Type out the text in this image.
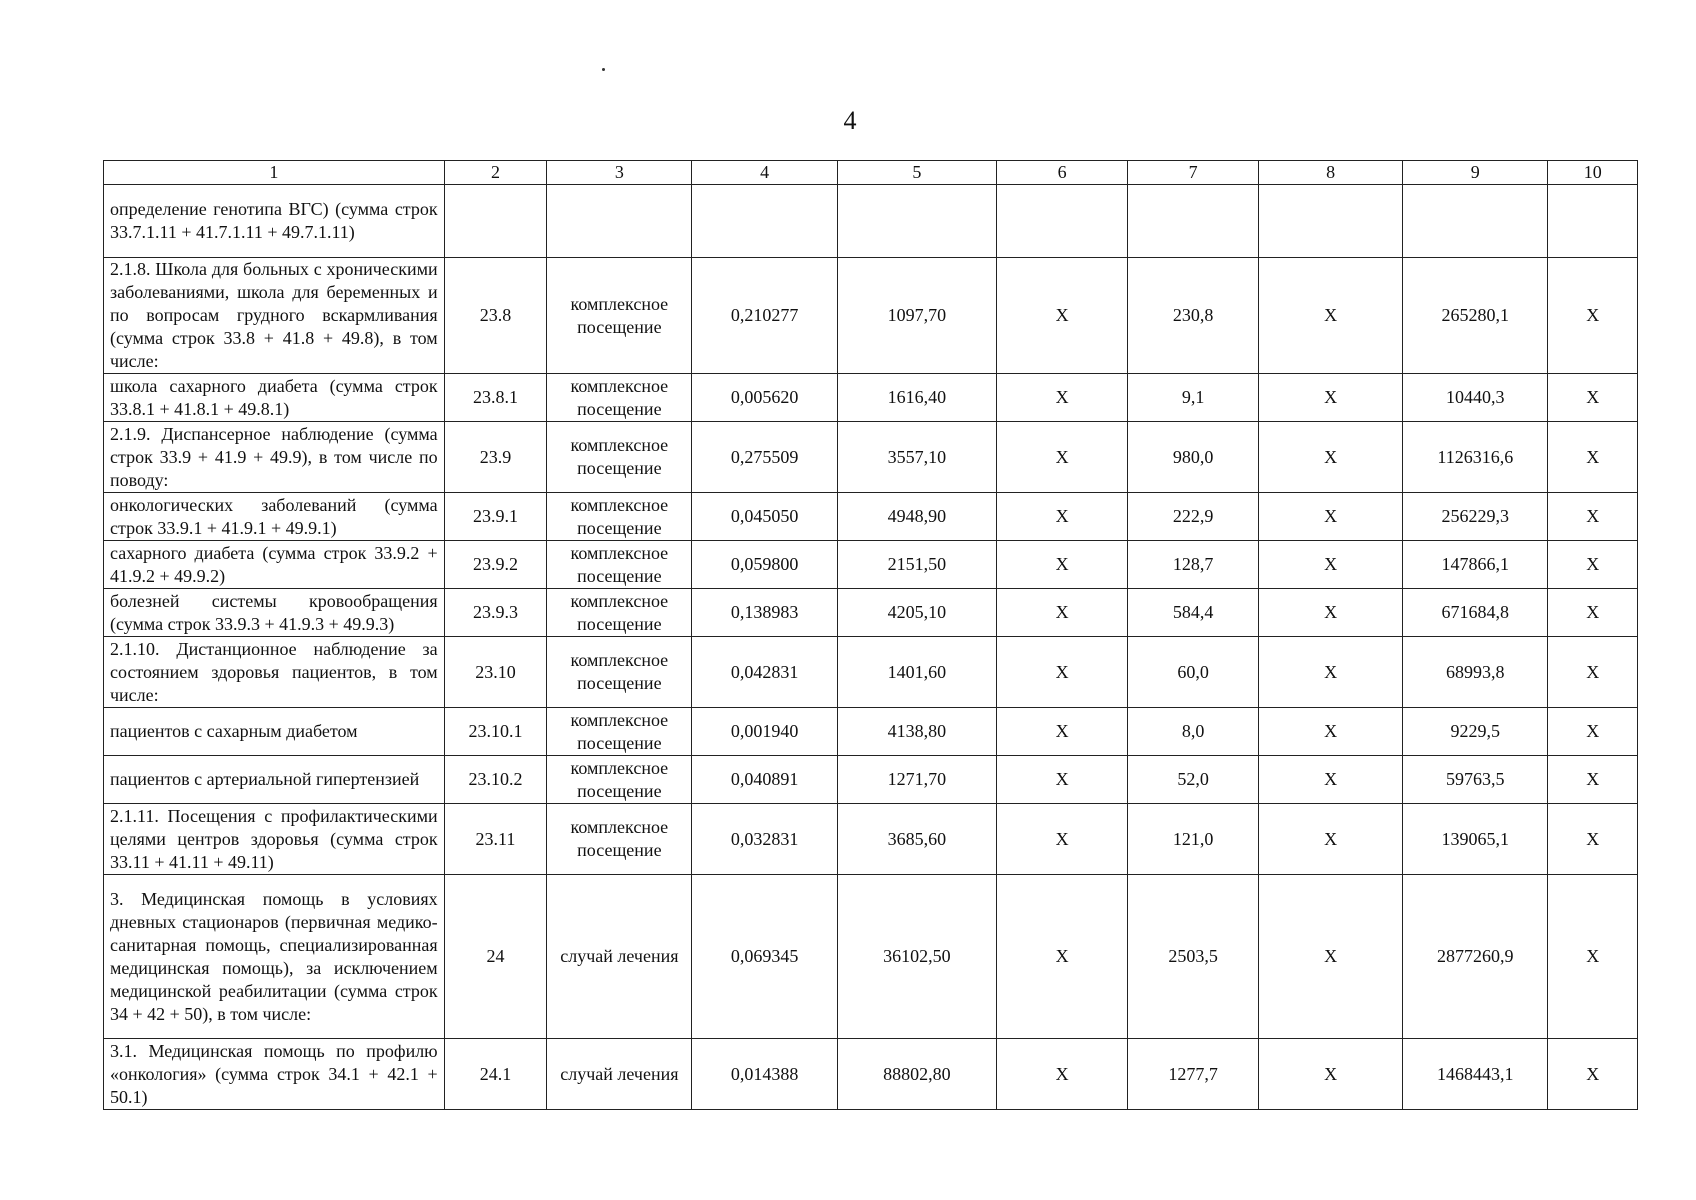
4
1	2	3	4	5	6	7	8	9	10
определение генотипа ВГС) (сумма строк 33.7.1.11 + 41.7.1.11 + 49.7.1.11)									
2.1.8. Школа для больных с хроническими заболеваниями, школа для беременных и по вопросам грудного вскармливания (сумма строк 33.8 + 41.8 + 49.8), в том числе:	23.8	комплексное посещение	0,210277	1097,70	Х	230,8	Х	265280,1	Х
школа сахарного диабета (сумма строк 33.8.1 + 41.8.1 + 49.8.1)	23.8.1	комплексное посещение	0,005620	1616,40	Х	9,1	Х	10440,3	Х
2.1.9. Диспансерное наблюдение (сумма строк 33.9 + 41.9 + 49.9), в том числе по поводу:	23.9	комплексное посещение	0,275509	3557,10	Х	980,0	Х	1126316,6	Х
онкологических заболеваний (сумма строк 33.9.1 + 41.9.1 + 49.9.1)	23.9.1	комплексное посещение	0,045050	4948,90	Х	222,9	Х	256229,3	Х
сахарного диабета (сумма строк 33.9.2 + 41.9.2 + 49.9.2)	23.9.2	комплексное посещение	0,059800	2151,50	Х	128,7	Х	147866,1	Х
болезней системы кровообращения (сумма строк 33.9.3 + 41.9.3 + 49.9.3)	23.9.3	комплексное посещение	0,138983	4205,10	Х	584,4	Х	671684,8	Х
2.1.10. Дистанционное наблюдение за состоянием здоровья пациентов, в том числе:	23.10	комплексное посещение	0,042831	1401,60	Х	60,0	Х	68993,8	Х
пациентов с сахарным диабетом	23.10.1	комплексное посещение	0,001940	4138,80	Х	8,0	Х	9229,5	Х
пациентов с артериальной гипертензией	23.10.2	комплексное посещение	0,040891	1271,70	Х	52,0	Х	59763,5	Х
2.1.11. Посещения с профилактическими целями центров здоровья (сумма строк 33.11 + 41.11 + 49.11)	23.11	комплексное посещение	0,032831	3685,60	Х	121,0	Х	139065,1	Х
3. Медицинская помощь в условиях дневных стационаров (первичная медико-санитарная помощь, специализированная медицинская помощь), за исключением медицинской реабилитации (сумма строк 34 + 42 + 50), в том числе:	24	случай лечения	0,069345	36102,50	Х	2503,5	Х	2877260,9	Х
3.1. Медицинская помощь по профилю «онкология» (сумма строк 34.1 + 42.1 + 50.1)	24.1	случай лечения	0,014388	88802,80	Х	1277,7	Х	1468443,1	Х
